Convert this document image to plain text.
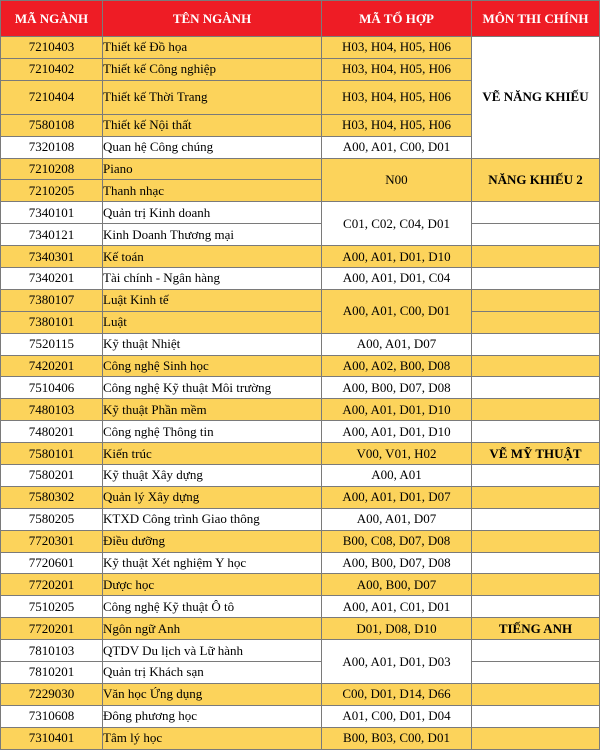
MÃ NGÀNH	TÊN NGÀNH	MÃ TỔ HỢP	MÔN THI CHÍNH
7210403	Thiết kế Đồ họa	H03, H04, H05, H06	VẼ NĂNG KHIẾU
7210402	Thiết kế Công nghiệp	H03, H04, H05, H06	
7210404	Thiết kế Thời Trang	H03, H04, H05, H06	
7580108	Thiết kế Nội thất	H03, H04, H05, H06	
7320108	Quan hệ Công chúng	A00, A01, C00, D01	
7210208	Piano	N00	NĂNG KHIẾU 2
7210205	Thanh nhạc		
7340101	Quản trị Kinh doanh	C01, C02, C04, D01	
7340121	Kinh Doanh Thương mại		
7340301	Kế toán	A00, A01, D01, D10	
7340201	Tài chính - Ngân hàng	A00, A01, D01, C04	
7380107	Luật Kinh tế	A00, A01, C00, D01	
7380101	Luật		
7520115	Kỹ thuật Nhiệt	A00, A01, D07	
7420201	Công nghệ Sinh học	A00, A02, B00, D08	
7510406	Công nghệ Kỹ thuật Môi trường	A00, B00, D07, D08	
7480103	Kỹ thuật Phần mềm	A00, A01, D01, D10	
7480201	Công nghệ Thông tin	A00, A01, D01, D10	
7580101	Kiến trúc	V00, V01, H02	VẼ MỸ THUẬT
7580201	Kỹ thuật Xây dựng	A00, A01	
7580302	Quản lý Xây dựng	A00, A01, D01, D07	
7580205	KTXD Công trình Giao thông	A00, A01, D07	
7720301	Điều dưỡng	B00, C08, D07, D08	
7720601	Kỹ thuật Xét nghiệm Y học	A00, B00, D07, D08	
7720201	Dược học	A00, B00, D07	
7510205	Công nghệ Kỹ thuật Ô tô	A00, A01, C01, D01	
7720201	Ngôn ngữ Anh	D01, D08, D10	TIẾNG ANH
7810103	QTDV Du lịch và Lữ hành	A00, A01, D01, D03	
7810201	Quản trị Khách sạn		
7229030	Văn học Ứng dụng	C00, D01, D14, D66	
7310608	Đông phương học	A01, C00, D01, D04	
7310401	Tâm lý học	B00, B03, C00, D01	
